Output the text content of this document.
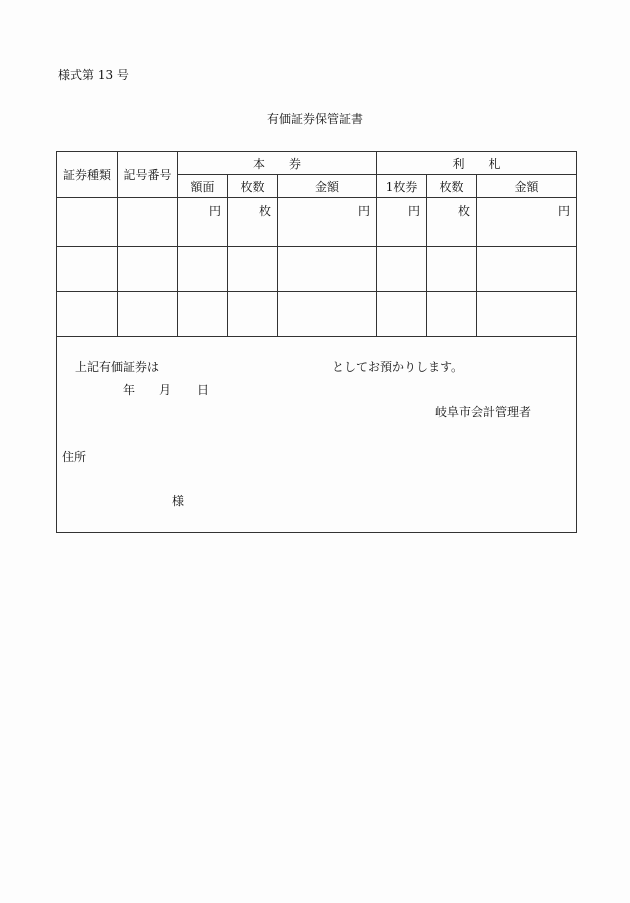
様式第 13 号
有価証券保管証書
証券種類	記号番号	本　　券			利　　札		
		額面	枚数	金額	1枚券	枚数	金額
		円	枚	円	円	枚	円

上記有価証券は	としてお預かりします。
年 月 日
岐阜市会計管理者
住所
様
